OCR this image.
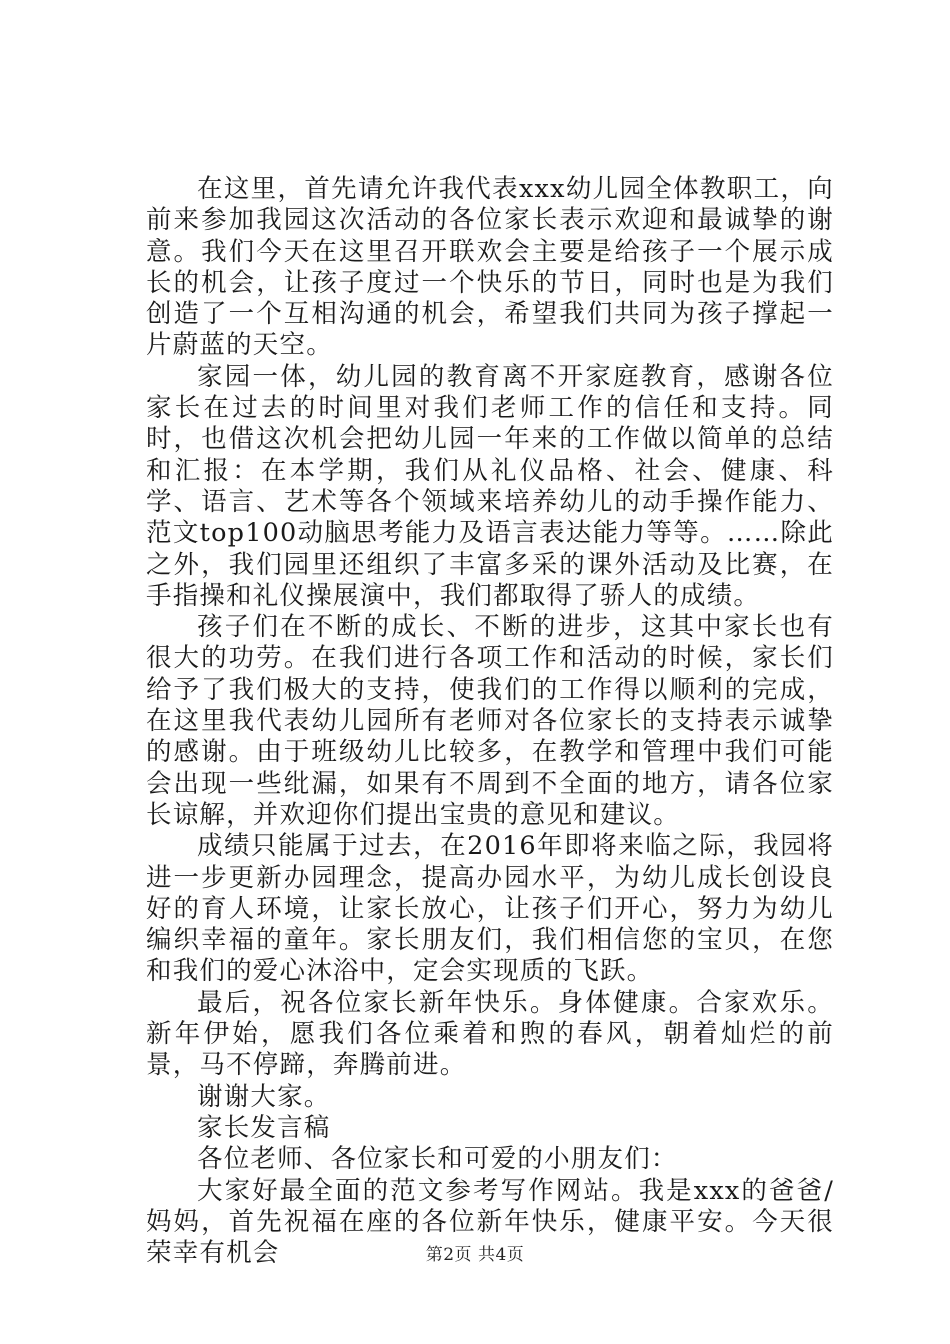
在这里，首先请允许我代表xxx幼儿园全体教职工，向前来参加我园这次活动的各位家长表示欢迎和最诚挚的谢意。我们今天在这里召开联欢会主要是给孩子一个展示成长的机会，让孩子度过一个快乐的节日，同时也是为我们创造了一个互相沟通的机会，希望我们共同为孩子撑起一片蔚蓝的天空。

家园一体，幼儿园的教育离不开家庭教育，感谢各位家长在过去的时间里对我们老师工作的信任和支持。同时，也借这次机会把幼儿园一年来的工作做以简单的总结和汇报：在本学期，我们从礼仪品格、社会、健康、科学、语言、艺术等各个领域来培养幼儿的动手操作能力、范文top100动脑思考能力及语言表达能力等等。……除此之外，我们园里还组织了丰富多采的课外活动及比赛，在手指操和礼仪操展演中，我们都取得了骄人的成绩。

孩子们在不断的成长、不断的进步，这其中家长也有很大的功劳。在我们进行各项工作和活动的时候，家长们给予了我们极大的支持，使我们的工作得以顺利的完成，在这里我代表幼儿园所有老师对各位家长的支持表示诚挚的感谢。由于班级幼儿比较多，在教学和管理中我们可能会出现一些纰漏，如果有不周到不全面的地方，请各位家长谅解，并欢迎你们提出宝贵的意见和建议。

成绩只能属于过去，在2016年即将来临之际，我园将进一步更新办园理念，提高办园水平，为幼儿成长创设良好的育人环境，让家长放心，让孩子们开心，努力为幼儿编织幸福的童年。家长朋友们，我们相信您的宝贝，在您和我们的爱心沐浴中，定会实现质的飞跃。

最后，祝各位家长新年快乐。身体健康。合家欢乐。新年伊始，愿我们各位乘着和煦的春风，朝着灿烂的前景，马不停蹄，奔腾前进。

谢谢大家。

家长发言稿

各位老师、各位家长和可爱的小朋友们：

大家好最全面的范文参考写作网站。我是xxx的爸爸/妈妈，首先祝福在座的各位新年快乐，健康平安。今天很荣幸有机会	第2页 共4页
